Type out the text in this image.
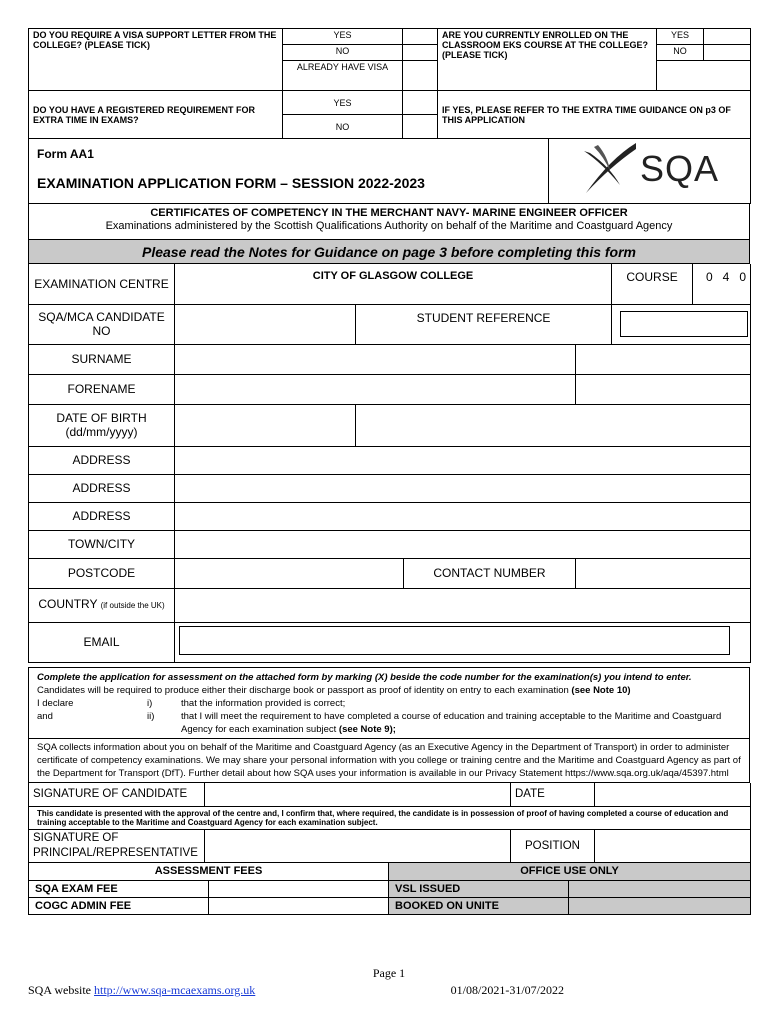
DO YOU REQUIRE A VISA SUPPORT LETTER FROM THE COLLEGE? (PLEASE TICK)	YES		ARE YOU CURRENTLY ENROLLED ON THE CLASSROOM EKS COURSE AT THE COLLEGE? (PLEASE TICK)	YES	
	NO			NO	
	ALREADY HAVE VISA				
DO YOU HAVE A REGISTERED REQUIREMENT FOR EXTRA TIME IN EXAMS?	YES		IF YES, PLEASE REFER TO THE EXTRA TIME GUIDANCE ON p3 OF THIS APPLICATION		
	NO				
Form AA1
EXAMINATION APPLICATION FORM – SESSION 2022-2023	SQA
CERTIFICATES OF COMPETENCY IN THE MERCHANT NAVY- MARINE ENGINEER OFFICER
Examinations administered by the Scottish Qualifications Authority on behalf of the Maritime and Coastguard Agency

Please read the Notes for Guidance on page 3 before completing this form
EXAMINATION CENTRE	CITY OF GLASGOW COLLEGE				COURSE	0   4   0
SQA/MCA CANDIDATE NO		STUDENT REFERENCE				

SURNAME						
FORENAME						
DATE OF BIRTH (dd/mm/yyyy)						
ADDRESS						
ADDRESS						
ADDRESS						
TOWN/CITY						
POSTCODE			CONTACT NUMBER			
COUNTRY (if outside the UK)						
EMAIL						
Complete the application for assessment on the attached form by marking (X) beside the code number for the examination(s) you intend to enter.
Candidates will be required to produce either their discharge book or passport as proof of identity on entry to each examination (see Note 10)
I declare	i)	that the information provided is correct;
and	ii)	that I will meet the requirement to have completed a course of education and training acceptable to the Maritime and Coastguard Agency for each examination subject (see Note 9);

SQA collects information about you on behalf of the Maritime and Coastguard Agency (as an Executive Agency in the Department of Transport) in order to administer certificate of competency examinations. We may share your personal information with you college or training centre and the Maritime and Coastguard Agency as part of the Department for Transport (DfT). Further detail about how SQA uses your information is available in our Privacy Statement https://www.sqa.org.uk/aqa/45397.html
SIGNATURE OF CANDIDATE		DATE	
This candidate is presented with the approval of the centre and, I confirm that, where required, the candidate is in possession of proof of having completed a course of education and training acceptable to the Maritime and Coastguard Agency for each examination subject.			
SIGNATURE OF PRINCIPAL/REPRESENTATIVE		POSITION	
ASSESSMENT FEES		OFFICE USE ONLY	
SQA EXAM FEE		VSL ISSUED	
COGC ADMIN FEE		BOOKED ON UNITE	
Page 1
SQA website http://www.sqa-mcaexams.org.uk	01/08/2021-31/07/2022
